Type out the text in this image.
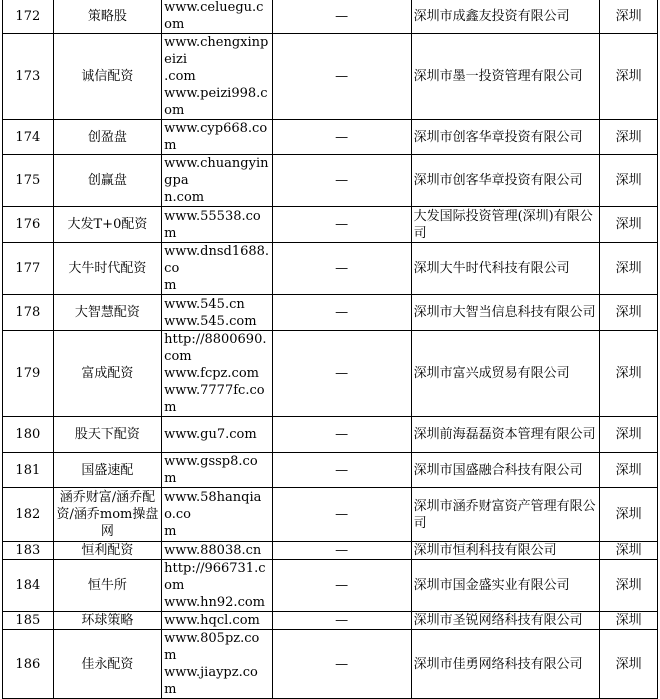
172	策略股	www.celuegu.com	—	深圳市成鑫友投资有限公司	深圳
173	诚信配资	www.chengxinpeizi
.com
www.peizi998.com	—	深圳市墨一投资管理有限公司	深圳
174	创盈盘	www.cyp668.com	—	深圳市创客华章投资有限公司	深圳
175	创赢盘	www.chuangyingpa
n.com	—	深圳市创客华章投资有限公司	深圳
176	大发T+0配资	www.55538.com	—	大发国际投资管理(深圳)有限公司	深圳
177	大牛时代配资	www.dnsd1688.co
m	—	深圳大牛时代科技有限公司	深圳
178	大智慧配资	www.545.cn
www.545.com	—	深圳市大智当信息科技有限公司	深圳
179	富成配资	http://8800690.com
www.fcpz.com
www.7777fc.com	—	深圳市富兴成贸易有限公司	深圳
180	股天下配资	www.gu7.com	—	深圳前海磊磊资本管理有限公司	深圳
181	国盛速配	www.gssp8.com	—	深圳市国盛融合科技有限公司	深圳
182	涵乔财富/涵乔配资/涵乔mom操盘网	www.58hanqiao.co
m	—	深圳市涵乔财富资产管理有限公司	深圳
183	恒利配资	www.88038.cn	—	深圳市恒利科技有限公司	深圳
184	恒牛所	http://966731.com
www.hn92.com	—	深圳市国金盛实业有限公司	深圳
185	环球策略	www.hqcl.com	—	深圳市圣锐网络科技有限公司	深圳
186	佳永配资	www.805pz.com
www.jiaypz.com	—	深圳市佳勇网络科技有限公司	深圳
